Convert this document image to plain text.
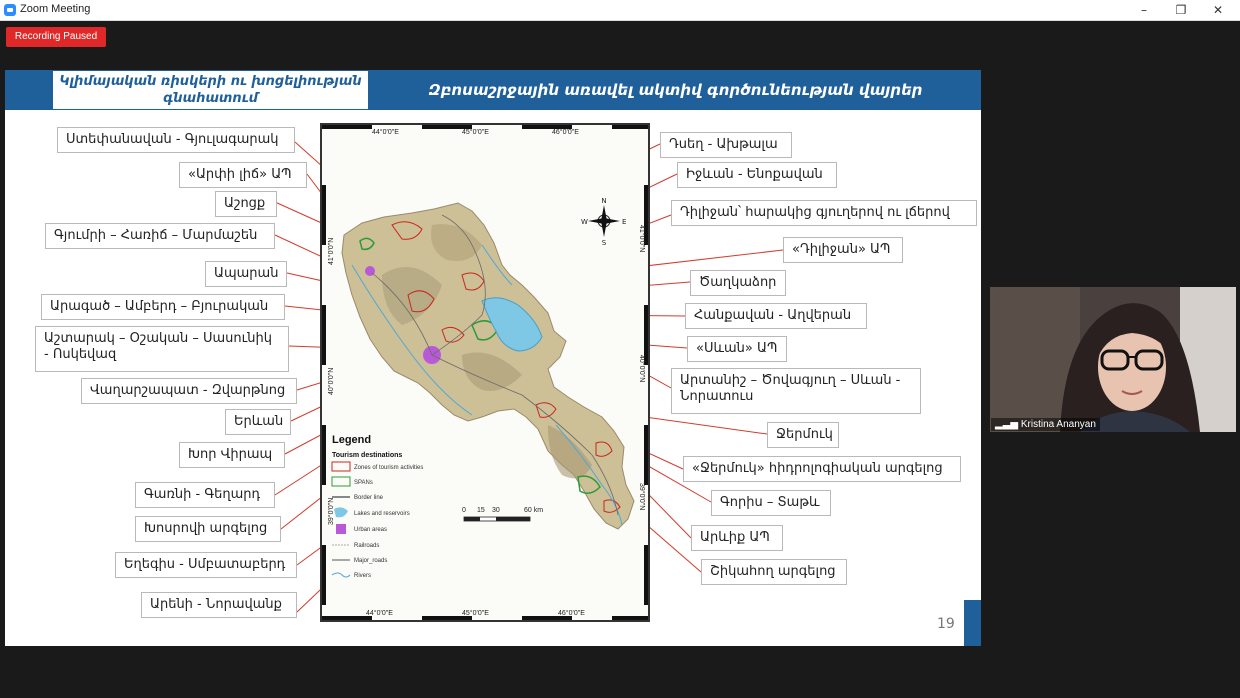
Zoom Meeting	–	❐	✕
Recording Paused
Կլիմայական ռիսկերի ու խոցելիության գնահատում	Զբոսաշրջային առավել ակտիվ գործունեության վայրեր
N
S
E
W
44°0'0"E	45°0'0"E	46°0'0"E
44°0'0"E	45°0'0"E	46°0'0"E
41°0'0"N
40°0'0"N
39°0'0"N
41°0'0"N
40°0'0"N
39°0'0"N
Legend
Tourism destinations
Zones of tourism activities
SPANs
Border line
Lakes and reservoirs
Urban areas
Railroads
Major_roads
Rivers
0 15 30	60 km
Ստեփանավան - Գյուլագարակ
«Արփի լիճ» ԱՊ
Աշոցք
Գյումրի – Հառիճ – Մարմաշեն
Ապարան
Արագած – Ամբերդ – Բյուրական
Աշտարակ – Օշական – Սասունիկ - Ոսկեվազ
Վաղարշապատ - Զվարթնոց
Երևան
Խոր Վիրապ
Գառնի - Գեղարդ
Խոսրովի արգելոց
Եղեգիս - Սմբատաբերդ
Արենի - Նորավանք
Դսեղ - Ախթալա
Իջևան - Ենոքավան
Դիլիջան՝ հարակից գյուղերով ու լճերով
«Դիլիջան» ԱՊ
Ծաղկաձոր
Հանքավան - Աղվերան
«Սևան» ԱՊ
Արտանիշ – Ծովագյուղ – Սևան - Նորատուս
Ջերմուկ
«Ջերմուկ» հիդրոլոգիական արգելոց
Գորիս – Տաթև
Արևիք ԱՊ
Շիկահող արգելոց
19
▂▃▅ Kristina Ananyan
